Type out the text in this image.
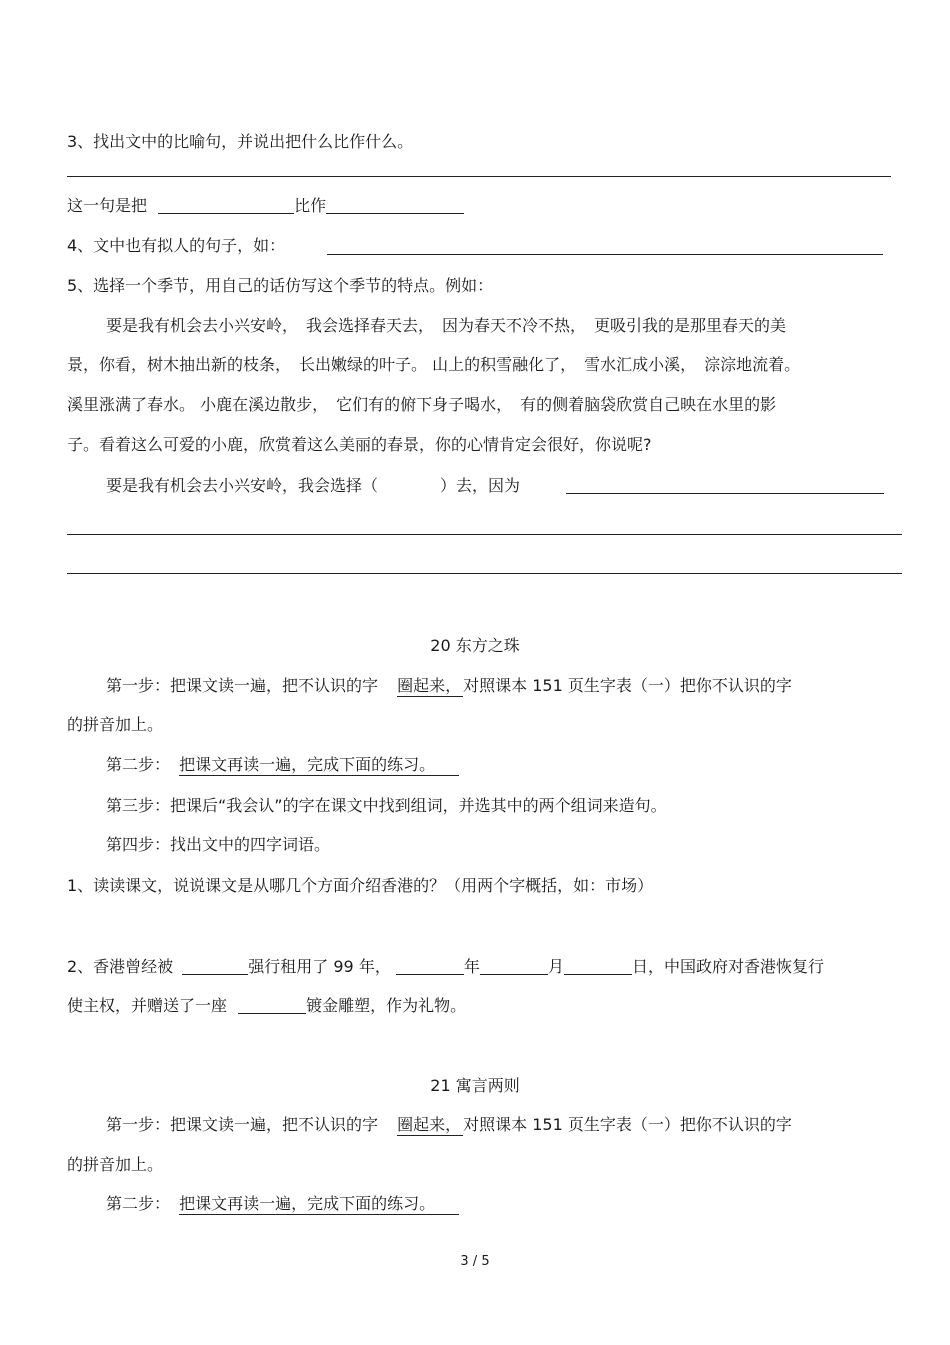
3、找出文中的比喻句，并说出把什么比作什么。
这一句是把	比作
4、文中也有拟人的句子，如：
5、选择一个季节，用自己的话仿写这个季节的特点。例如：
要是我有机会去小兴安岭，　我会选择春天去，　因为春天不冷不热，　更吸引我的是那里春天的美
景，你看，树木抽出新的枝条，　长出嫩绿的叶子。 山上的积雪融化了，　雪水汇成小溪，　淙淙地流着。
溪里涨满了春水。 小鹿在溪边散步，　它们有的俯下身子喝水，　有的侧着脑袋欣赏自己映在水里的影
子。看着这么可爱的小鹿，欣赏着这么美丽的春景，你的心情肯定会很好，你说呢?
要是我有机会去小兴安岭，我会选择（	）去，因为
20 东方之珠
第一步：把课文读一遍，把不认识的字 圈起来， 对照课本 151 页生字表（一）把你不认识的字
的拼音加上。
第二步： 把课文再读一遍，完成下面的练习。
第三步：把课后“我会认”的字在课文中找到组词，并选其中的两个组词来造句。
第四步：找出文中的四字词语。
1、读读课文，说说课文是从哪几个方面介绍香港的？（用两个字概括，如：市场）
2、香港曾经被	强行租用了 99 年，	年	月	日，中国政府对香港恢复行
使主权，并赠送了一座	镀金雕塑，作为礼物。
21 寓言两则
第一步：把课文读一遍，把不认识的字 圈起来， 对照课本 151 页生字表（一）把你不认识的字
的拼音加上。
第二步： 把课文再读一遍，完成下面的练习。
3 / 5
